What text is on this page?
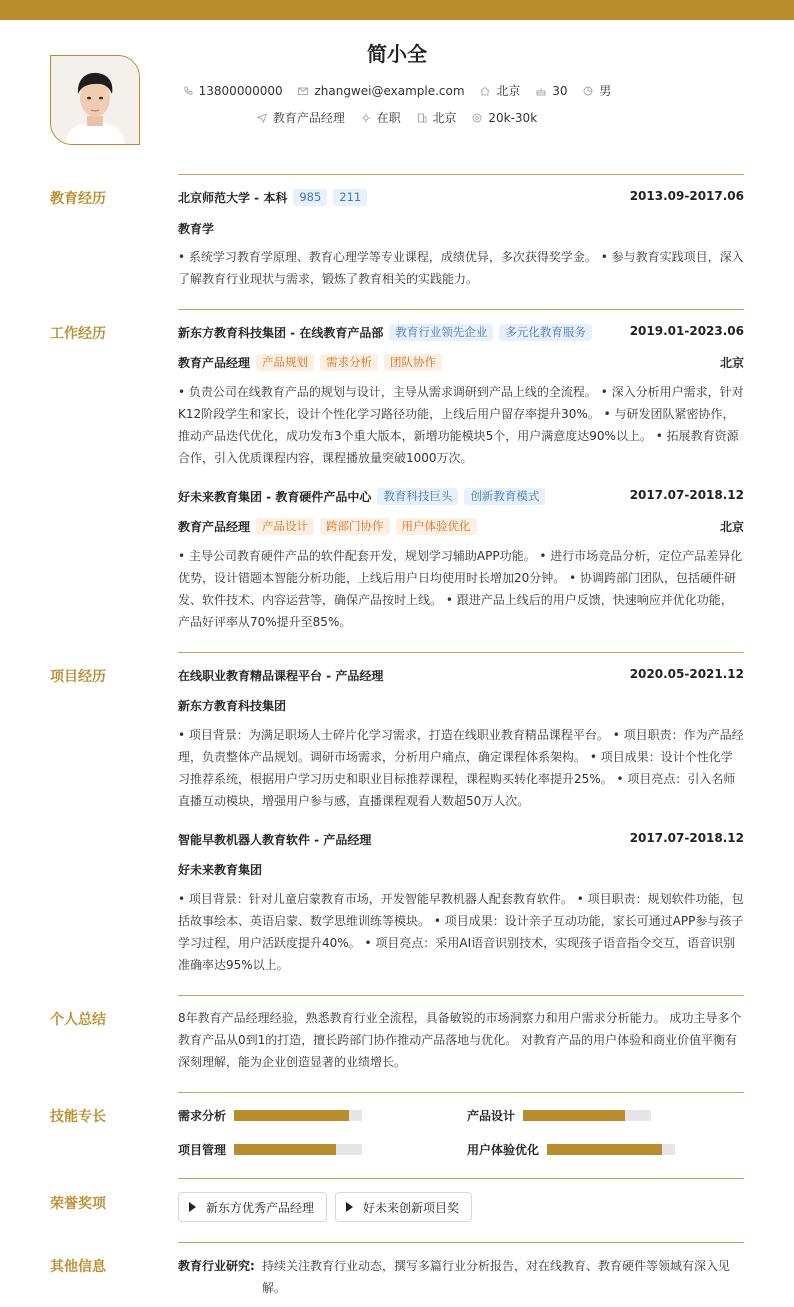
简小全
13800000000	zhangwei@example.com	北京	30	男
教育产品经理	在职	北京	20k-30k
教育经历	北京师范大学 - 本科 985 211	2013.09-2017.06
教育学
• 系统学习教育学原理、教育心理学等专业课程，成绩优异，多次获得奖学金。 • 参与教育实践项目，深入了解教育行业现状与需求，锻炼了教育相关的实践能力。
工作经历	新东方教育科技集团 - 在线教育产品部 教育行业领先企业 多元化教育服务	2019.01-2023.06
教育产品经理 产品规划 需求分析 团队协作	北京
• 负责公司在线教育产品的规划与设计，主导从需求调研到产品上线的全流程。 • 深入分析用户需求，针对K12阶段学生和家长，设计个性化学习路径功能，上线后用户留存率提升30%。 • 与研发团队紧密协作，推动产品迭代优化，成功发布3个重大版本，新增功能模块5个，用户满意度达90%以上。 • 拓展教育资源合作，引入优质课程内容，课程播放量突破1000万次。
好未来教育集团 - 教育硬件产品中心 教育科技巨头 创新教育模式	2017.07-2018.12
教育产品经理 产品设计 跨部门协作 用户体验优化	北京
• 主导公司教育硬件产品的软件配套开发，规划学习辅助APP功能。 • 进行市场竞品分析，定位产品差异化优势，设计错题本智能分析功能，上线后用户日均使用时长增加20分钟。 • 协调跨部门团队，包括硬件研发、软件技术、内容运营等，确保产品按时上线。 • 跟进产品上线后的用户反馈，快速响应并优化功能，产品好评率从70%提升至85%。
项目经历	在线职业教育精品课程平台 - 产品经理	2020.05-2021.12
新东方教育科技集团
• 项目背景：为满足职场人士碎片化学习需求，打造在线职业教育精品课程平台。 • 项目职责：作为产品经理，负责整体产品规划。调研市场需求，分析用户痛点，确定课程体系架构。 • 项目成果：设计个性化学习推荐系统，根据用户学习历史和职业目标推荐课程，课程购买转化率提升25%。 • 项目亮点：引入名师直播互动模块，增强用户参与感，直播课程观看人数超50万人次。
智能早教机器人教育软件 - 产品经理	2017.07-2018.12
好未来教育集团
• 项目背景：针对儿童启蒙教育市场，开发智能早教机器人配套教育软件。 • 项目职责：规划软件功能，包括故事绘本、英语启蒙、数学思维训练等模块。 • 项目成果：设计亲子互动功能，家长可通过APP参与孩子学习过程，用户活跃度提升40%。 • 项目亮点：采用AI语音识别技术，实现孩子语音指令交互，语音识别准确率达95%以上。
个人总结	8年教育产品经理经验，熟悉教育行业全流程，具备敏锐的市场洞察力和用户需求分析能力。 成功主导多个教育产品从0到1的打造，擅长跨部门协作推动产品落地与优化。 对教育产品的用户体验和商业价值平衡有深刻理解，能为企业创造显著的业绩增长。
技能专长	需求分析	产品设计
项目管理	用户体验优化
荣誉奖项	新东方优秀产品经理	好未来创新项目奖
其他信息	教育行业研究: 持续关注教育行业动态，撰写多篇行业分析报告，对在线教育、教育硬件等领域有深入见解。
